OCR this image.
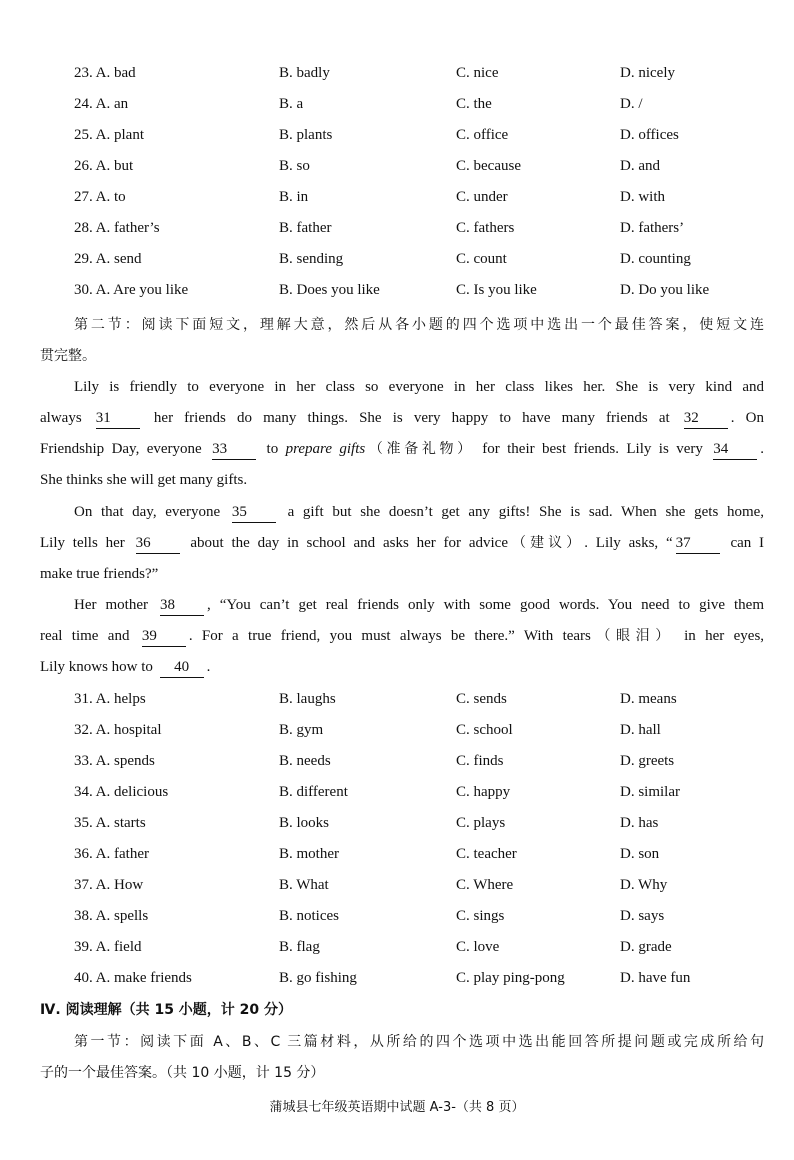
23. A. bad	B. badly	C. nice	D. nicely
24. A. an	B. a	C. the	D. /
25. A. plant	B. plants	C. office	D. offices
26. A. but	B. so	C. because	D. and
27. A. to	B. in	C. under	D. with
28. A. father’s	B. father	C. fathers	D. fathers’
29. A. send	B. sending	C. count	D. counting
30. A. Are you like	B. Does you like	C. Is you like	D. Do you like
第二节：阅读下面短文，理解大意，然后从各小题的四个选项中选出一个最佳答案，使短文连
贯完整。
Lily is friendly to everyone in her class so everyone in her class likes her. She is very kind and
always 31	her friends do many things. She is very happy to have many friends at 32 . On
Friendship Day, everyone 33	to prepare gifts（准备礼物） for their best friends. Lily is very 34 .
She thinks she will get many gifts.
On that day, everyone 35	a gift but she doesn’t get any gifts! She is sad. When she gets home,
Lily tells her 36	about the day in school and asks her for advice（建议）. Lily asks, “ 37	can I
make true friends?”
Her mother 38 , “You can’t get real friends only with some good words. You need to give them
real time and 39 . For a true friend, you must always be there.” With tears（眼泪） in her eyes,
Lily knows how to 40 .
31. A. helps	B. laughs	C. sends	D. means
32. A. hospital	B. gym	C. school	D. hall
33. A. spends	B. needs	C. finds	D. greets
34. A. delicious	B. different	C. happy	D. similar
35. A. starts	B. looks	C. plays	D. has
36. A. father	B. mother	C. teacher	D. son
37. A. How	B. What	C. Where	D. Why
38. A. spells	B. notices	C. sings	D. says
39. A. field	B. flag	C. love	D. grade
40. A. make friends	B. go fishing	C. play ping-pong	D. have fun
Ⅳ. 阅读理解（共 15 小题，计 20 分）
第一节：阅读下面 A、B、C 三篇材料，从所给的四个选项中选出能回答所提问题或完成所给句
子的一个最佳答案。（共 10 小题，计 15 分）
蒲城县七年级英语期中试题 A-3-（共 8 页）
